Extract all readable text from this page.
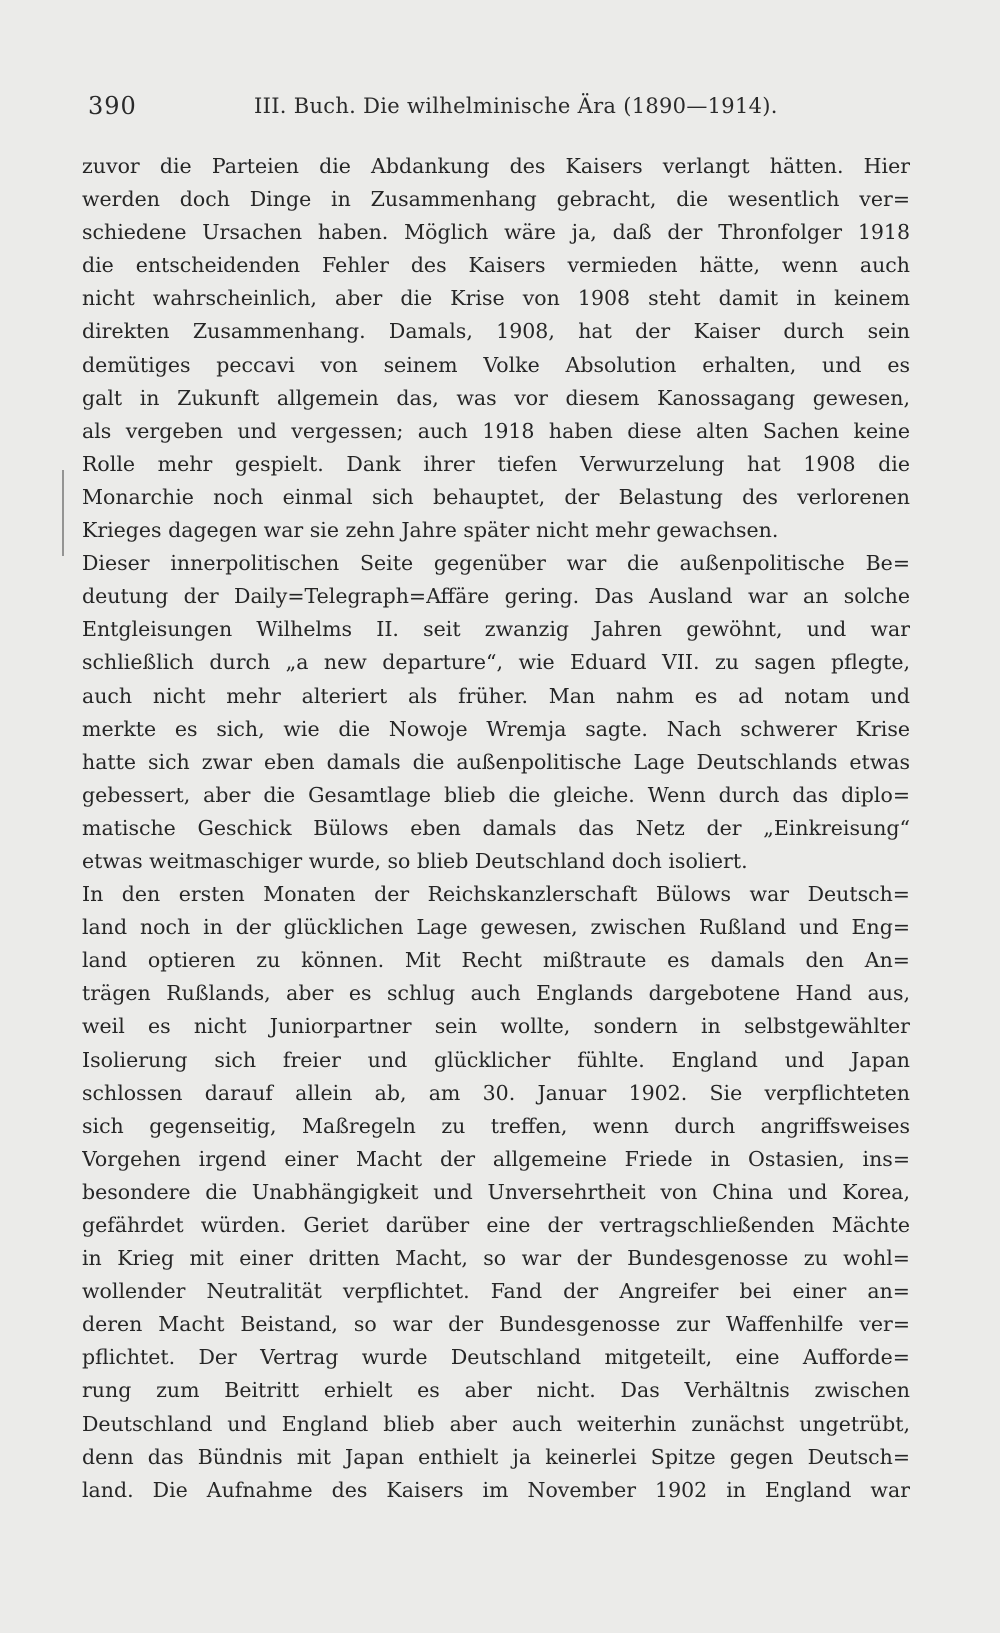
390	III. Buch. Die wilhelminische Ära (1890—1914).
zuvor die Parteien die Abdankung des Kaisers verlangt hätten. Hier
werden doch Dinge in Zusammenhang gebracht, die wesentlich ver=
schiedene Ursachen haben. Möglich wäre ja, daß der Thronfolger 1918
die entscheidenden Fehler des Kaisers vermieden hätte, wenn auch
nicht wahrscheinlich, aber die Krise von 1908 steht damit in keinem
direkten Zusammenhang. Damals, 1908, hat der Kaiser durch sein
demütiges peccavi von seinem Volke Absolution erhalten, und es
galt in Zukunft allgemein das, was vor diesem Kanossagang gewesen,
als vergeben und vergessen; auch 1918 haben diese alten Sachen keine
Rolle mehr gespielt. Dank ihrer tiefen Verwurzelung hat 1908 die
Monarchie noch einmal sich behauptet, der Belastung des verlorenen
Krieges dagegen war sie zehn Jahre später nicht mehr gewachsen.
Dieser innerpolitischen Seite gegenüber war die außenpolitische Be=
deutung der Daily=Telegraph=Affäre gering. Das Ausland war an solche
Entgleisungen Wilhelms II. seit zwanzig Jahren gewöhnt, und war
schließlich durch „a new departure“, wie Eduard VII. zu sagen pflegte,
auch nicht mehr alteriert als früher. Man nahm es ad notam und
merkte es sich, wie die Nowoje Wremja sagte. Nach schwerer Krise
hatte sich zwar eben damals die außenpolitische Lage Deutschlands etwas
gebessert, aber die Gesamtlage blieb die gleiche. Wenn durch das diplo=
matische Geschick Bülows eben damals das Netz der „Einkreisung“
etwas weitmaschiger wurde, so blieb Deutschland doch isoliert.
In den ersten Monaten der Reichskanzlerschaft Bülows war Deutsch=
land noch in der glücklichen Lage gewesen, zwischen Rußland und Eng=
land optieren zu können. Mit Recht mißtraute es damals den An=
trägen Rußlands, aber es schlug auch Englands dargebotene Hand aus,
weil es nicht Juniorpartner sein wollte, sondern in selbstgewählter
Isolierung sich freier und glücklicher fühlte. England und Japan
schlossen darauf allein ab, am 30. Januar 1902. Sie verpflichteten
sich gegenseitig, Maßregeln zu treffen, wenn durch angriffsweises
Vorgehen irgend einer Macht der allgemeine Friede in Ostasien, ins=
besondere die Unabhängigkeit und Unversehrtheit von China und Korea,
gefährdet würden. Geriet darüber eine der vertragschließenden Mächte
in Krieg mit einer dritten Macht, so war der Bundesgenosse zu wohl=
wollender Neutralität verpflichtet. Fand der Angreifer bei einer an=
deren Macht Beistand, so war der Bundesgenosse zur Waffenhilfe ver=
pflichtet. Der Vertrag wurde Deutschland mitgeteilt, eine Aufforde=
rung zum Beitritt erhielt es aber nicht. Das Verhältnis zwischen
Deutschland und England blieb aber auch weiterhin zunächst ungetrübt,
denn das Bündnis mit Japan enthielt ja keinerlei Spitze gegen Deutsch=
land. Die Aufnahme des Kaisers im November 1902 in England war
